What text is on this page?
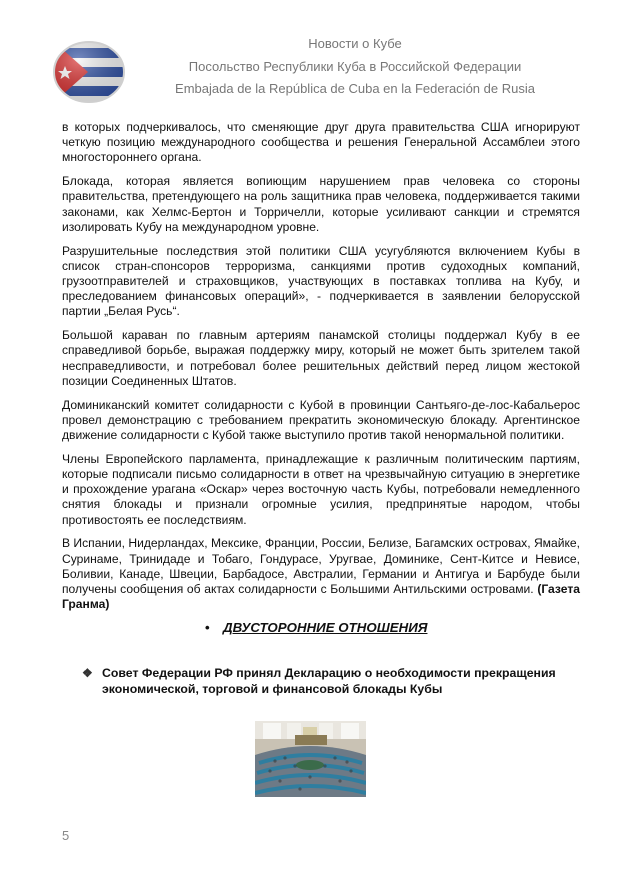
Новости о Кубе
Посольство Республики Куба в Российской Федерации
Embajada de la República de Cuba en la Federación de Rusia

в которых подчеркивалось, что сменяющие друг друга правительства США игнорируют четкую позицию международного сообщества и решения Генеральной Ассамблеи этого многостороннего органа.

Блокада, которая является вопиющим нарушением прав человека со стороны правительства, претендующего на роль защитника прав человека, поддерживается такими законами, как Хелмс-Бертон и Торричелли, которые усиливают санкции и стремятся изолировать Кубу на международном уровне.

Разрушительные последствия этой политики США усугубляются включением Кубы в список стран-спонсоров терроризма, санкциями против судоходных компаний, грузоотправителей и страховщиков, участвующих в поставках топлива на Кубу, и преследованием финансовых операций», - подчеркивается в заявлении белорусской партии „Белая Русь“.

Большой караван по главным артериям панамской столицы поддержал Кубу в ее справедливой борьбе, выражая поддержку миру, который не может быть зрителем такой несправедливости, и потребовал более решительных действий перед лицом жестокой позиции Соединенных Штатов.

Доминиканский комитет солидарности с Кубой в провинции Сантьяго-де-лос-Кабальерос провел демонстрацию с требованием прекратить экономическую блокаду. Аргентинское движение солидарности с Кубой также выступило против такой ненормальной политики.

Члены Европейского парламента, принадлежащие к различным политическим партиям, которые подписали письмо солидарности в ответ на чрезвычайную ситуацию в энергетике и прохождение урагана «Оскар» через восточную часть Кубы, потребовали немедленного снятия блокады и признали огромные усилия, предпринятые народом, чтобы противостоять ее последствиям.

В Испании, Нидерландах, Мексике, Франции, России, Белизе, Багамских островах, Ямайке, Суринаме, Тринидаде и Тобаго, Гондурасе, Уругвае, Доминике, Сент-Китсе и Невисе, Боливии, Канаде, Швеции, Барбадосе, Австралии, Германии и Антигуа и Барбуде были получены сообщения об актах солидарности с Большими Антильскими островами. (Газета Гранма)

• ДВУСТОРОННИЕ ОТНОШЕНИЯ
❖ Совет Федерации РФ принял Декларацию о необходимости прекращения экономической, торговой и финансовой блокады Кубы
5
